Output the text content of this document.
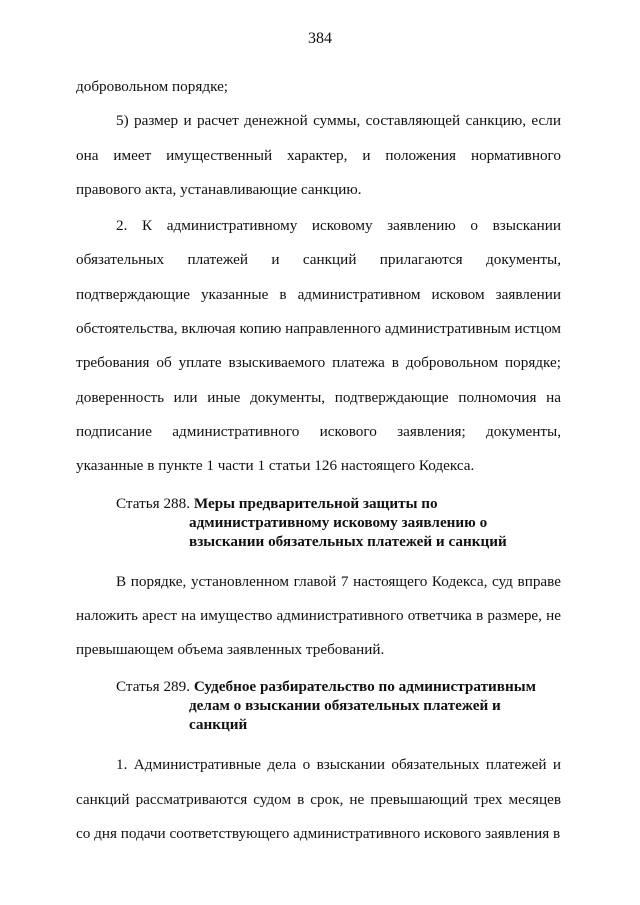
384

добровольном порядке;

5) размер и расчет денежной суммы, составляющей санкцию, если она имеет имущественный характер, и положения нормативного правового акта, устанавливающие санкцию.

2. К административному исковому заявлению о взыскании обязательных платежей и санкций прилагаются документы, подтверждающие указанные в административном исковом заявлении обстоятельства, включая копию направленного административным истцом требования об уплате взыскиваемого платежа в добровольном порядке; доверенность или иные документы, подтверждающие полномочия на подписание административного искового заявления; документы, указанные в пункте 1 части 1 статьи 126 настоящего Кодекса.

Статья 288. Меры предварительной защиты по
административному исковому заявлению о
взыскании обязательных платежей и санкций

В порядке, установленном главой 7 настоящего Кодекса, суд вправе наложить арест на имущество административного ответчика в размере, не превышающем объема заявленных требований.

Статья 289. Судебное разбирательство по административным
делам о взыскании обязательных платежей и санкций

1. Административные дела о взыскании обязательных платежей и санкций рассматриваются судом в срок, не превышающий трех месяцев со дня подачи соответствующего административного искового заявления в
